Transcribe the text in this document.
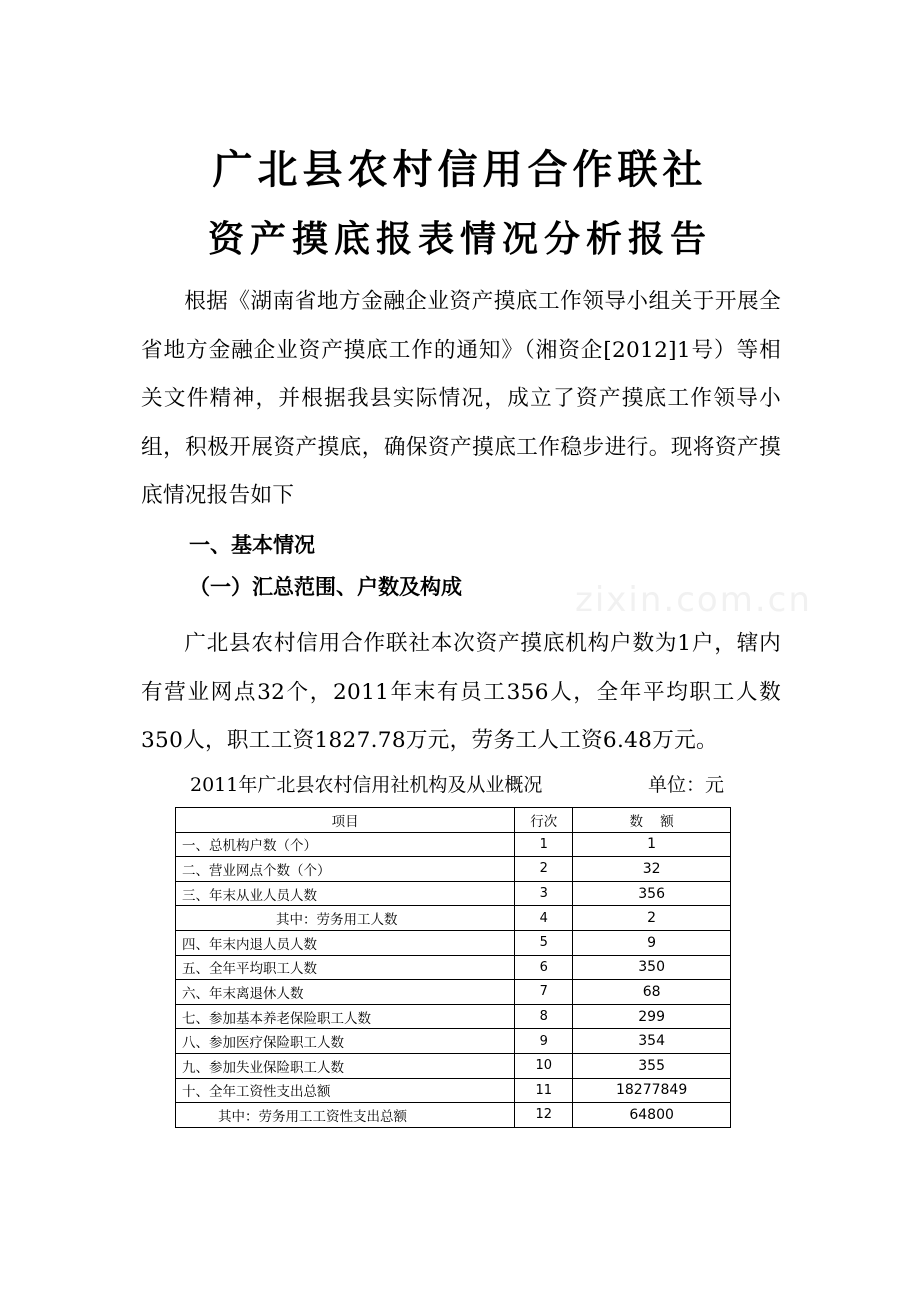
zixin.com.cn
广北县农村信用合作联社
资产摸底报表情况分析报告
根据《湖南省地方金融企业资产摸底工作领导小组关于开展全省地方金融企业资产摸底工作的通知》（湘资企[2012]1号）等相关文件精神，并根据我县实际情况，成立了资产摸底工作领导小组，积极开展资产摸底，确保资产摸底工作稳步进行。现将资产摸底情况报告如下
一、基本情况
（一）汇总范围、户数及构成
广北县农村信用合作联社本次资产摸底机构户数为1户，辖内有营业网点32个，2011年末有员工356人，全年平均职工人数350人，职工工资1827.78万元，劳务工人工资6.48万元。
2011年广北县农村信用社机构及从业概况	单位：元
项目	行次	数    额
一、总机构户数（个）	1	1
二、营业网点个数（个）	2	32
三、年末从业人员人数	3	356
其中：劳务用工人数	4	2
四、年末内退人员人数	5	9
五、全年平均职工人数	6	350
六、年末离退休人数	7	68
七、参加基本养老保险职工人数	8	299
八、参加医疗保险职工人数	9	354
九、参加失业保险职工人数	10	355
十、全年工资性支出总额	11	18277849
其中：劳务用工工资性支出总额	12	64800
